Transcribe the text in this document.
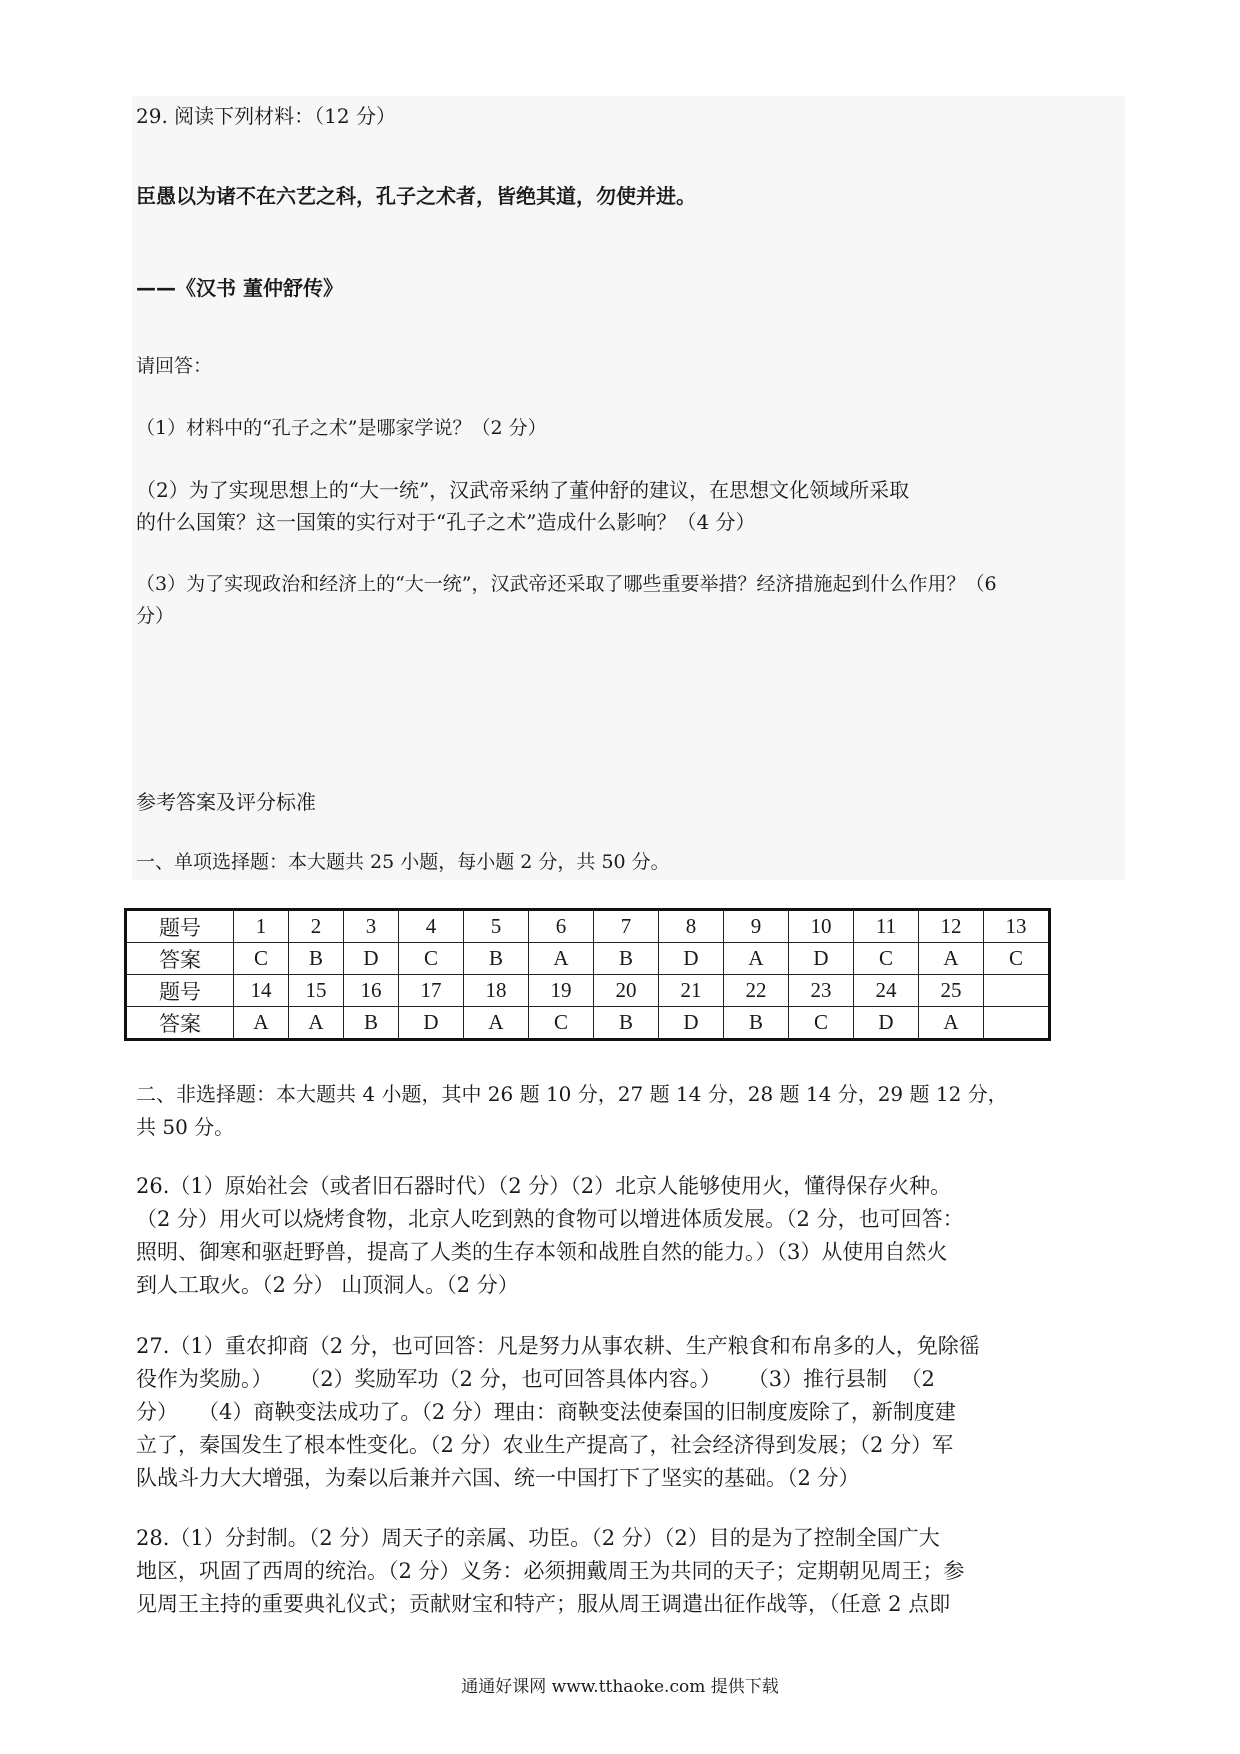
29. 阅读下列材料：（12 分）

臣愚以为诸不在六艺之科，孔子之术者，皆绝其道，勿使并进。

——《汉书 董仲舒传》

请回答：

（1）材料中的“孔子之术”是哪家学说？（2 分）

（2）为了实现思想上的“大一统”，汉武帝采纳了董仲舒的建议，在思想文化领域所采取

的什么国策？这一国策的实行对于“孔子之术”造成什么影响？（4 分）

（3）为了实现政治和经济上的“大一统”，汉武帝还采取了哪些重要举措？经济措施起到什么作用？（6

分）

参考答案及评分标准

一、单项选择题：本大题共 25 小题，每小题 2 分，共 50 分。

题号	1	2	3	4	5	6	7	8	9	10	11	12	13
答案	C	B	D	C	B	A	B	D	A	D	C	A	C
题号	14	15	16	17	18	19	20	21	22	23	24	25	
答案	A	A	B	D	A	C	B	D	B	C	D	A	

二、非选择题：本大题共 4 小题，其中 26 题 10 分，27 题 14 分，28 题 14 分，29 题 12 分，

共 50 分。

26.（1）原始社会（或者旧石器时代）（2 分）（2）北京人能够使用火，懂得保存火种。
（2 分）用火可以烧烤食物，北京人吃到熟的食物可以增进体质发展。（2 分，也可回答：
照明、御寒和驱赶野兽，提高了人类的生存本领和战胜自然的能力。）（3）从使用自然火
到人工取火。（2 分） 山顶洞人。（2 分）
27.（1）重农抑商（2 分，也可回答：凡是努力从事农耕、生产粮食和布帛多的人，免除徭
役作为奖励。）    （2）奖励军功（2 分，也可回答具体内容。）    （3）推行县制  （2
分）   （4）商鞅变法成功了。（2 分）理由：商鞅变法使秦国的旧制度废除了，新制度建
立了，秦国发生了根本性变化。（2 分）农业生产提高了，社会经济得到发展；（2 分）军
队战斗力大大增强，为秦以后兼并六国、统一中国打下了坚实的基础。（2 分）
28.（1）分封制。（2 分）周天子的亲属、功臣。（2 分）（2）目的是为了控制全国广大
地区，巩固了西周的统治。（2 分）义务：必须拥戴周王为共同的天子；定期朝见周王；参
见周王主持的重要典礼仪式；贡献财宝和特产；服从周王调遣出征作战等，（任意 2 点即
通通好课网 www.tthaoke.com 提供下载
